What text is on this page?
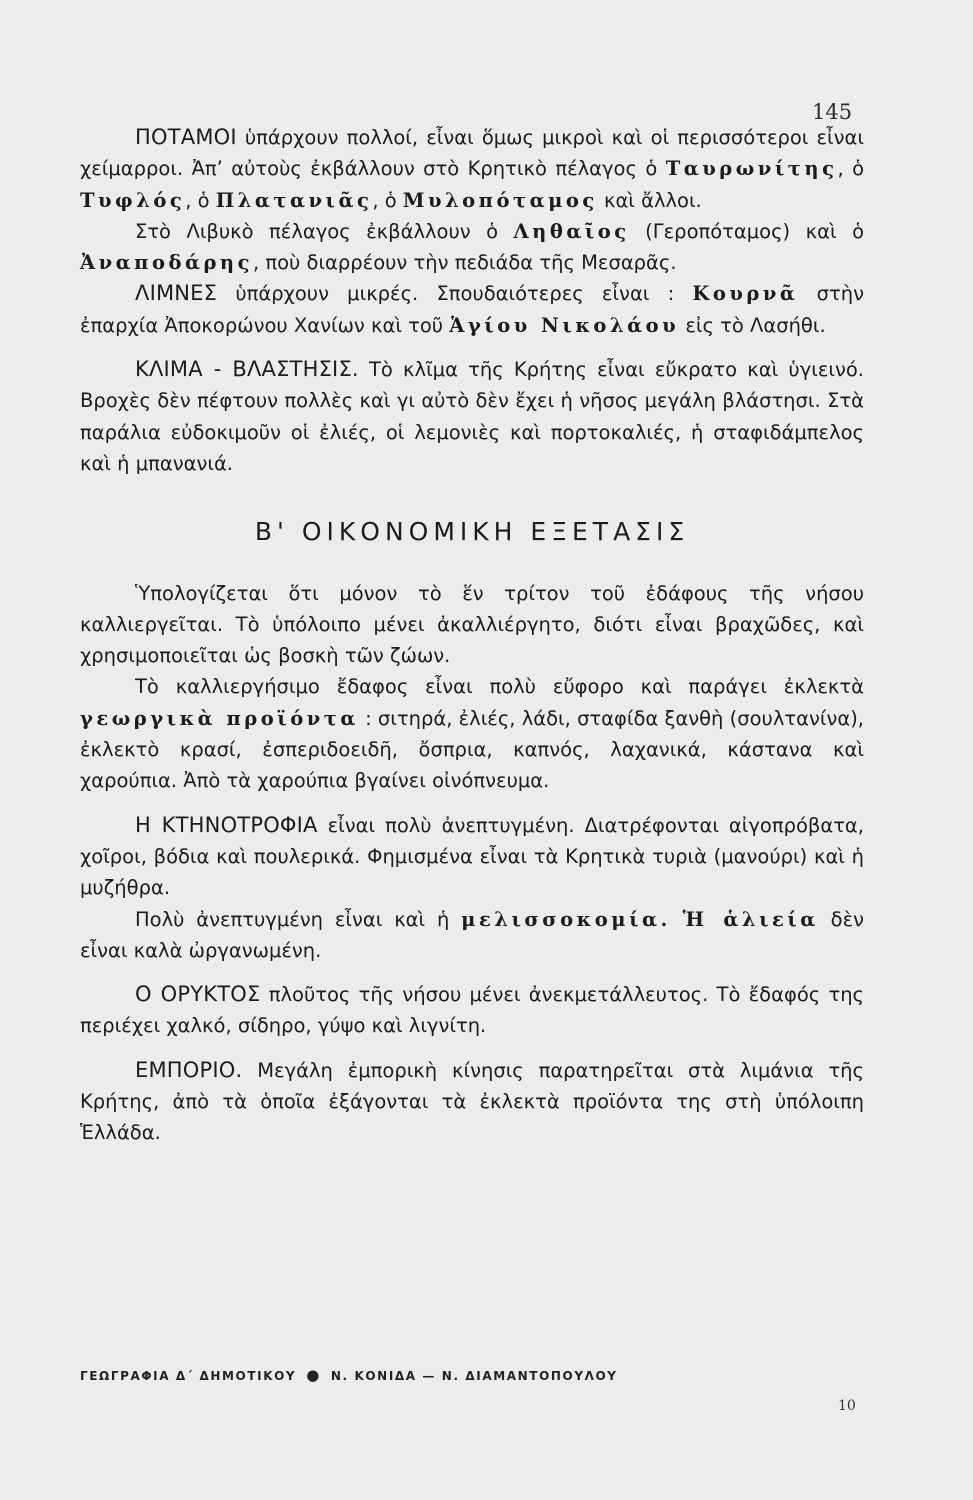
145

ΠΟΤΑΜΟΙ ὑπάρχουν πολλοί, εἶναι ὅμως μικροὶ καὶ οἱ περισσότεροι εἶναι χείμαρροι. Ἀπ’ αὐτοὺς ἐκβάλλουν στὸ Κρητικὸ πέλαγος ὁ Ταυρωνίτης, ὁ Τυφλός, ὁ Πλατανιᾶς, ὁ Μυλοπόταμος καὶ ἄλλοι.

Στὸ Λιβυκὸ πέλαγος ἐκβάλλουν ὁ Ληθαῖος (Γεροπόταμος) καὶ ὁ Ἀναποδάρης, ποὺ διαρρέουν τὴν πεδιάδα τῆς Μεσαρᾶς.

ΛΙΜΝΕΣ ὑπάρχουν μικρές. Σπουδαιότερες εἶναι : Κουρνᾶ στὴν ἐπαρχία Ἀποκορώνου Χανίων καὶ τοῦ Ἁγίου Νικολάου εἰς τὸ Λασήθι.

ΚΛΙΜΑ - ΒΛΑΣΤΗΣΙΣ. Τὸ κλῖμα τῆς Κρήτης εἶναι εὔκρατο καὶ ὑγιεινό. Βροχὲς δὲν πέφτουν πολλὲς καὶ γι αὐτὸ δὲν ἔχει ἡ νῆσος μεγάλη βλάστησι. Στὰ παράλια εὐδοκιμοῦν οἱ ἐλιές, οἱ λεμονιὲς καὶ πορτοκαλιές, ἡ σταφιδάμπελος καὶ ἡ μπανανιά.

Β' ΟΙΚΟΝΟΜΙΚΗ ΕΞΕΤΑΣΙΣ

Ὑπολογίζεται ὅτι μόνον τὸ ἕν τρίτον τοῦ ἐδάφους τῆς νήσου καλλιεργεῖται. Τὸ ὑπόλοιπο μένει ἀκαλλιέργητο, διότι εἶναι βραχῶδες, καὶ χρησιμοποιεῖται ὡς βοσκὴ τῶν ζώων.

Τὸ καλλιεργήσιμο ἔδαφος εἶναι πολὺ εὔφορο καὶ παράγει ἐκλεκτὰ γεωργικὰ προϊόντα : σιτηρά, ἐλιές, λάδι, σταφίδα ξανθὴ (σουλτανίνα), ἐκλεκτὸ κρασί, ἐσπεριδοειδῆ, ὄσπρια, καπνός, λαχανικά, κάστανα καὶ χαρούπια. Ἀπὸ τὰ χαρούπια βγαίνει οἰνόπνευμα.

Η ΚΤΗΝΟΤΡΟΦΙΑ εἶναι πολὺ ἀνεπτυγμένη. Διατρέφονται αἰγοπρόβατα, χοῖροι, βόδια καὶ πουλερικά. Φημισμένα εἶναι τὰ Κρητικὰ τυριὰ (μανούρι) καὶ ἡ μυζήθρα.

Πολὺ ἀνεπτυγμένη εἶναι καὶ ἡ μελισσοκομία. Ἡ ἁλιεία δὲν εἶναι καλὰ ὠργανωμένη.

Ο ΟΡΥΚΤΟΣ πλοῦτος τῆς νήσου μένει ἀνεκμετάλλευτος. Τὸ ἔδαφός της περιέχει χαλκό, σίδηρο, γύψο καὶ λιγνίτη.

ΕΜΠΟΡΙΟ. Μεγάλη ἐμπορικὴ κίνησις παρατηρεῖται στὰ λιμάνια τῆς Κρήτης, ἀπὸ τὰ ὁποῖα ἐξάγονται τὰ ἐκλεκτὰ προϊόντα της στὴ ὑπόλοιπη Ἑλλάδα.

ΓΕΩΓΡΑΦΙΑ Δ΄ ΔΗΜΟΤΙΚΟΥ ● Ν. ΚΟΝΙΔΑ — Ν. ΔΙΑΜΑΝΤΟΠΟΥΛΟΥ
10
